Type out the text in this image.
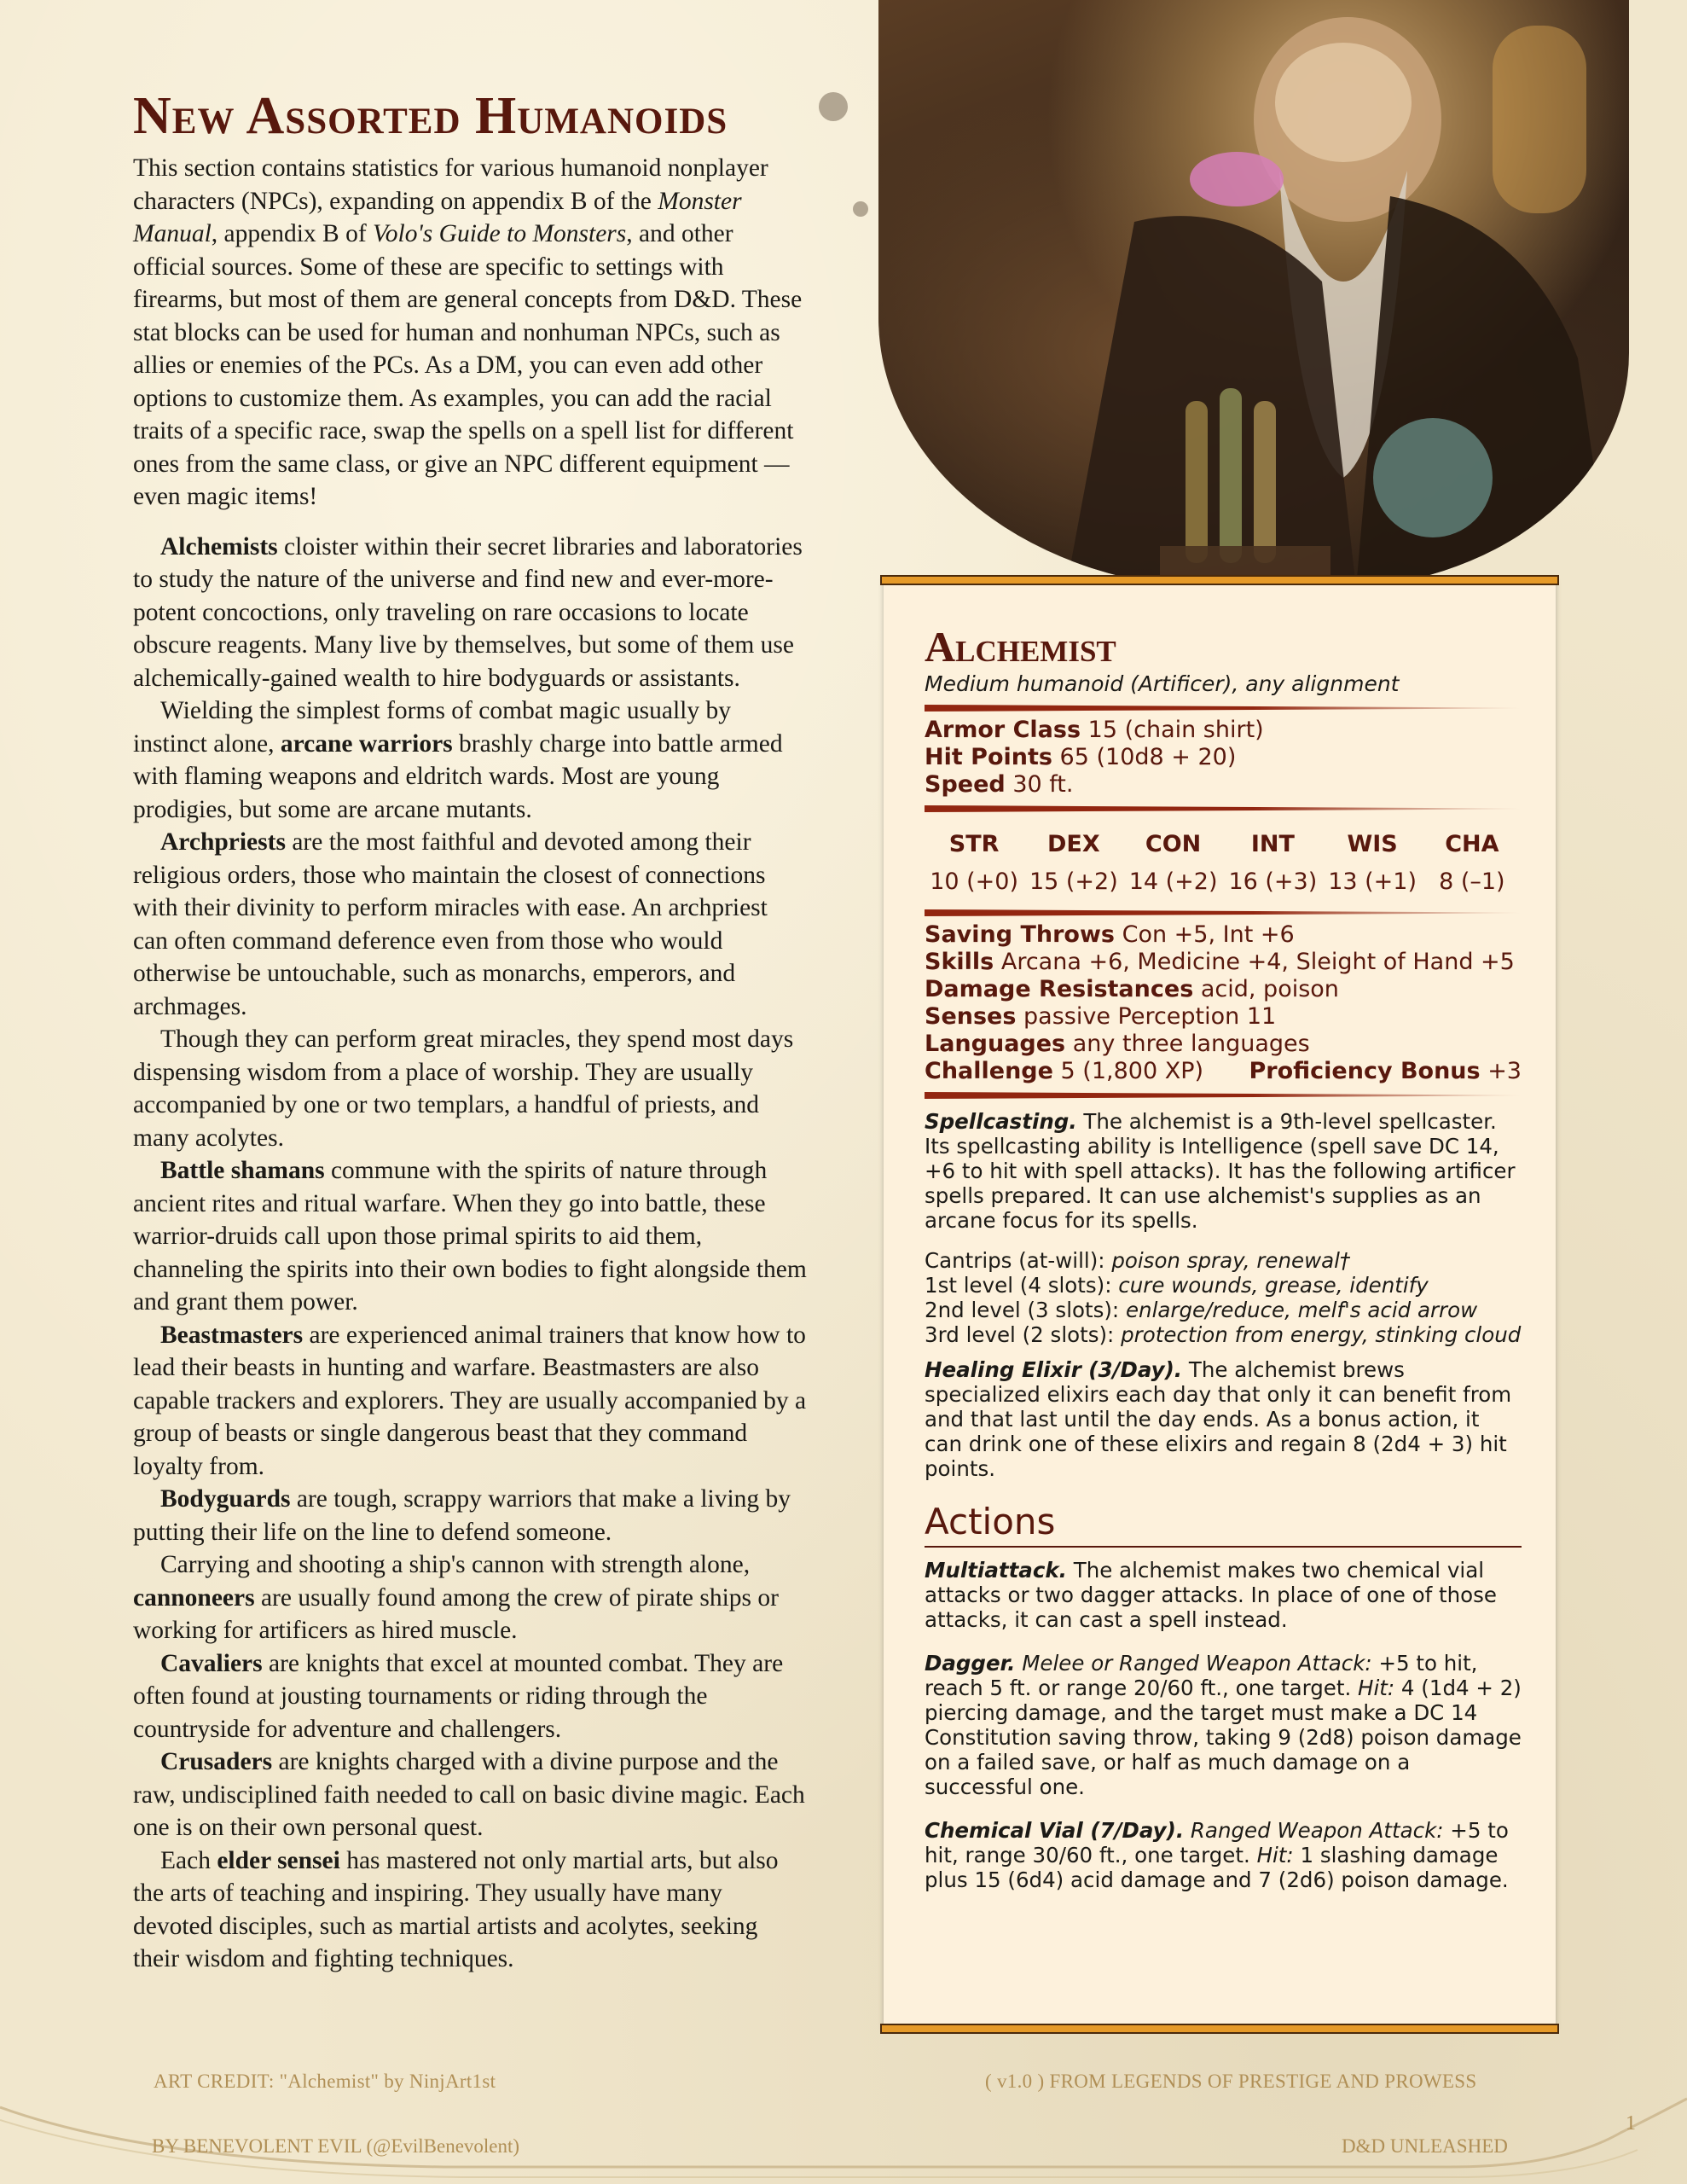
New Assorted Humanoids

This section contains statistics for various humanoid nonplayer characters (NPCs), expanding on appendix B of the Monster Manual, appendix B of Volo's Guide to Monsters, and other official sources. Some of these are specific to settings with firearms, but most of them are general concepts from D&D. These stat blocks can be used for human and nonhuman NPCs, such as allies or enemies of the PCs. As a DM, you can even add other options to customize them. As examples, you can add the racial traits of a specific race, swap the spells on a spell list for different ones from the same class, or give an NPC different equipment — even magic items!

Alchemists cloister within their secret libraries and laboratories to study the nature of the universe and find new and ever-more-potent concoctions, only traveling on rare occasions to locate obscure reagents. Many live by themselves, but some of them use alchemically-gained wealth to hire bodyguards or assistants.

Wielding the simplest forms of combat magic usually by instinct alone, arcane warriors brashly charge into battle armed with flaming weapons and eldritch wards. Most are young prodigies, but some are arcane mutants.

Archpriests are the most faithful and devoted among their religious orders, those who maintain the closest of connections with their divinity to perform miracles with ease. An archpriest can often command deference even from those who would otherwise be untouchable, such as monarchs, emperors, and archmages.

Though they can perform great miracles, they spend most days dispensing wisdom from a place of worship. They are usually accompanied by one or two templars, a handful of priests, and many acolytes.

Battle shamans commune with the spirits of nature through ancient rites and ritual warfare. When they go into battle, these warrior-druids call upon those primal spirits to aid them, channeling the spirits into their own bodies to fight alongside them and grant them power.

Beastmasters are experienced animal trainers that know how to lead their beasts in hunting and warfare. Beastmasters are also capable trackers and explorers. They are usually accompanied by a group of beasts or single dangerous beast that they command loyalty from.

Bodyguards are tough, scrappy warriors that make a living by putting their life on the line to defend someone.

Carrying and shooting a ship's cannon with strength alone, cannoneers are usually found among the crew of pirate ships or working for artificers as hired muscle.

Cavaliers are knights that excel at mounted combat. They are often found at jousting tournaments or riding through the countryside for adventure and challengers.

Crusaders are knights charged with a divine purpose and the raw, undisciplined faith needed to call on basic divine magic. Each one is on their own personal quest.

Each elder sensei has mastered not only martial arts, but also the arts of teaching and inspiring. They usually have many devoted disciples, such as martial artists and acolytes, seeking their wisdom and fighting techniques.

Alchemist
Medium humanoid (Artificer), any alignment
Armor Class 15 (chain shirt)
Hit Points 65 (10d8 + 20)
Speed 30 ft.
STR
10 (+0)
DEX
15 (+2)
CON
14 (+2)
INT
16 (+3)
WIS
13 (+1)
CHA
8 (–1)
Saving Throws Con +5, Int +6
Skills Arcana +6, Medicine +4, Sleight of Hand +5
Damage Resistances acid, poison
Senses passive Perception 11
Languages any three languages
Challenge 5 (1,800 XP) Proficiency Bonus +3

Spellcasting. The alchemist is a 9th-level spellcaster. Its spellcasting ability is Intelligence (spell save DC 14, +6 to hit with spell attacks). It has the following artificer spells prepared. It can use alchemist's supplies as an arcane focus for its spells.

Cantrips (at-will): poison spray, renewal†
1st level (4 slots): cure wounds, grease, identify
2nd level (3 slots): enlarge/reduce, melf's acid arrow
3rd level (2 slots): protection from energy, stinking cloud

Healing Elixir (3/Day). The alchemist brews specialized elixirs each day that only it can benefit from and that last until the day ends. As a bonus action, it can drink one of these elixirs and regain 8 (2d4 + 3) hit points.

Actions

Multiattack. The alchemist makes two chemical vial attacks or two dagger attacks. In place of one of those attacks, it can cast a spell instead.

Dagger. Melee or Ranged Weapon Attack: +5 to hit, reach 5 ft. or range 20/60 ft., one target. Hit: 4 (1d4 + 2) piercing damage, and the target must make a DC 14 Constitution saving throw, taking 9 (2d8) poison damage on a failed save, or half as much damage on a successful one.

Chemical Vial (7/Day). Ranged Weapon Attack: +5 to hit, range 30/60 ft., one target. Hit: 1 slashing damage plus 15 (6d4) acid damage and 7 (2d6) poison damage.

ART CREDIT: "Alchemist" by NinjArt1st	( v1.0 ) FROM LEGENDS OF PRESTIGE AND PROWESS
BY BENEVOLENT EVIL (@EvilBenevolent)	D&D UNLEASHED
1
